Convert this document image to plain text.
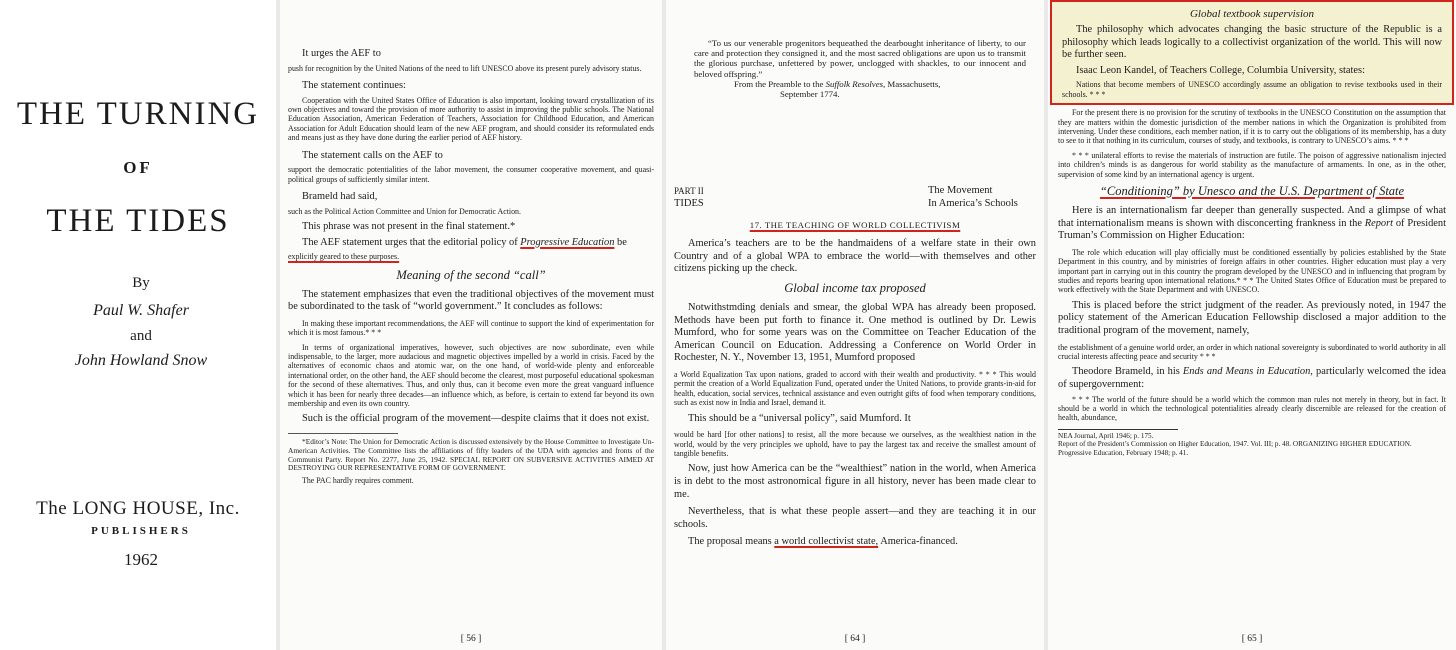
THE TURNING
OF
THE TIDES
By
Paul W. Shafer
and
John Howland Snow
The LONG HOUSE, Inc.
PUBLISHERS
1962

It urges the AEF to

push for recognition by the United Nations of the need to lift UNESCO above its present purely advisory status.

The statement continues:

Cooperation with the United States Office of Education is also important, looking toward crystallization of its own objectives and toward the provision of more authority to assist in improving the public schools. The National Education Association, American Federation of Teachers, Association for Childhood Education, and American Association for Adult Education should learn of the new AEF program, and should consider its reformulated ends and means just as they have done during the earlier period of AEF history.

The statement calls on the AEF to

support the democratic potentialities of the labor movement, the consumer cooperative movement, and quasi-political groups of sufficiently similar intent.

Brameld had said,

such as the Political Action Committee and Union for Democratic Action.

This phrase was not present in the final statement.*

The AEF statement urges that the editorial policy of Progressive Education be

explicitly geared to these purposes.

Meaning of the second “call”

The statement emphasizes that even the traditional objectives of the movement must be subordinated to the task of “world government.” It concludes as follows:

In making these important recommendations, the AEF will continue to support the kind of experimentation for which it is most famous.* * *

In terms of organizational imperatives, however, such objectives are now subordinate, even while indispensable, to the larger, more audacious and magnetic objectives impelled by a world in crisis. Faced by the alternatives of economic chaos and atomic war, on the one hand, of world-wide plenty and enforceable international order, on the other hand, the AEF should become the clearest, most purposeful educational spokesman for the second of these alternatives. Thus, and only thus, can it become even more the great vanguard influence which it has been for nearly three decades—an influence which, as before, is certain to extend far beyond its own membership and even its own country.

Such is the official program of the movement—despite claims that it does not exist.

*Editor’s Note: The Union for Democratic Action is discussed extensively by the House Committee to Investigate Un-American Activities. The Committee lists the affiliations of fifty leaders of the UDA with agencies and fronts of the Communist Party. Report No. 2277, June 25, 1942. SPECIAL REPORT ON SUBVERSIVE ACTIVITIES AIMED AT DESTROYING OUR REPRESENTATIVE FORM OF GOVERNMENT.

The PAC hardly requires comment.

[ 56 ]

“To us our venerable progenitors bequeathed the dearbought inheritance of liberty, to our care and protection they consigned it, and the most sacred obligations are upon us to transmit the glorious purchase, unfettered by power, unclogged with shackles, to our innocent and beloved offspring.”

From the Preamble to the Suffolk Resolves, Massachusetts,

September 1774.

PART II
TIDES
The Movement
In America’s Schools
17. THE TEACHING OF WORLD COLLECTIVISM

America’s teachers are to be the handmaidens of a welfare state in their own Country and of a global WPA to embrace the world—with themselves and other citizens picking up the check.

Global income tax proposed

Notwithstmding denials and smear, the global WPA has already been proposed. Methods have been put forth to finance it. One method is outlined by Dr. Lewis Mumford, who for some years was on the Committee on Teacher Education of the American Council on Education. Addressing a Conference on World Order in Rochester, N. Y., November 13, 1951, Mumford proposed

a World Equalization Tax upon nations, graded to accord with their wealth and productivity. * * * This would permit the creation of a World Equalization Fund, operated under the United Nations, to provide grants-in-aid for health, education, social services, technical assistance and even outright gifts of food when temporary conditions, such as exist now in India and Israel, demand it.

This should be a “universal policy”, said Mumford. It

would be hard [for other nations] to resist, all the more because we ourselves, as the wealthiest nation in the world, would by the very principles we uphold, have to pay the largest tax and receive the smallest amount of tangible benefits.

Now, just how America can be the “wealthiest” nation in the world, when America is in debt to the most astronomical figure in all history, never has been made clear to me.

Nevertheless, that is what these people assert—and they are teaching it in our schools.

The proposal means a world collectivist state, America-financed.

[ 64 ]
Global textbook supervision

The philosophy which advocates changing the basic structure of the Republic is a philosophy which leads logically to a collectivist organization of the world. This will now be further seen.

Isaac Leon Kandel, of Teachers College, Columbia University, states:

Nations that become members of UNESCO accordingly assume an obligation to revise textbooks used in their schools. * * *

For the present there is no provision for the scrutiny of textbooks in the UNESCO Constitution on the assumption that they are matters within the domestic jurisdiction of the member nations in which the Organization is prohibited from intervening. Under these conditions, each member nation, if it is to carry out the obligations of its membership, has a duty to see to it that nothing in its curriculum, courses of study, and textbooks, is contrary to UNESCO’s aims. * * *

* * * unilateral efforts to revise the materials of instruction are futile. The poison of aggressive nationalism injected into children’s minds is as dangerous for world stability as the manufacture of armaments. In one, as in the other, supervision of some kind by an international agency is urgent.

“Conditioning” by Unesco and the U.S. Department of State

Here is an internationalism far deeper than generally suspected. And a glimpse of what that internationalism means is shown with disconcerting frankness in the Report of President Truman’s Commission on Higher Education:

The role which education will play officially must be conditioned essentially by policies established by the State Department in this country, and by ministries of foreign affairs in other countries. Higher education must play a very important part in carrying out in this country the program developed by the UNESCO and in influencing that program by studies and reports bearing upon international relations.* * * The United States Office of Education must be prepared to work effectively with the State Department and with UNESCO.

This is placed before the strict judgment of the reader. As previously noted, in 1947 the policy statement of the American Education Fellowship disclosed a major addition to the traditional program of the movement, namely,

the establishment of a genuine world order, an order in which national sovereignty is subordinated to world authority in all crucial interests affecting peace and security * * *

Theodore Brameld, in his Ends and Means in Education, particularly welcomed the idea of supergovernment:

* * * The world of the future should be a world which the common man rules not merely in theory, but in fact. It should be a world in which the technological potentialities already clearly discernible are released for the creation of health, abundance,

NEA Journal, April 1946; p. 175.
Report of the President’s Commission on Higher Education, 1947. Vol. III; p. 48. ORGANIZING HIGHER EDUCATION.
Progressive Education, February 1948; p. 41.
[ 65 ]
